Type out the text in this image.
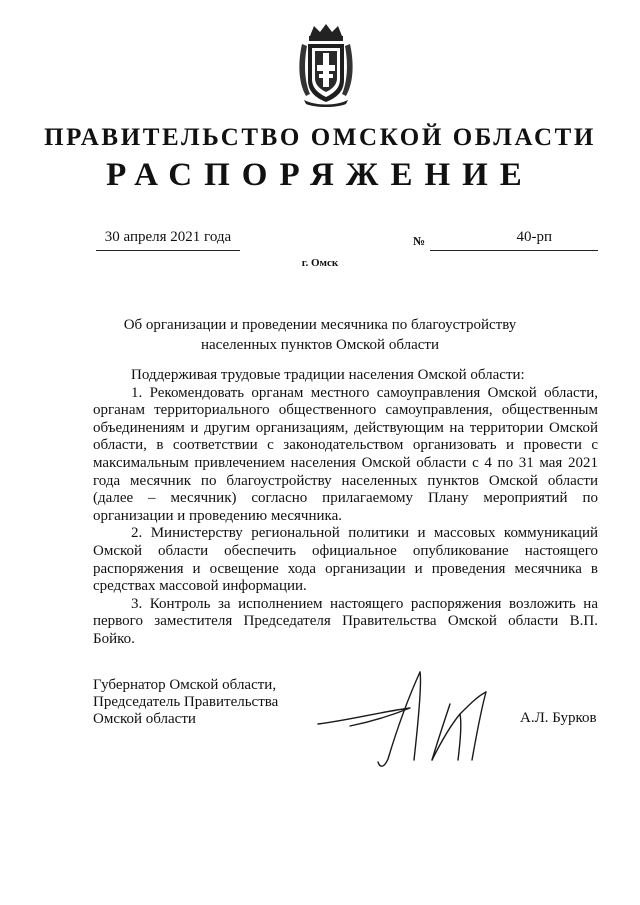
ПРАВИТЕЛЬСТВО ОМСКОЙ ОБЛАСТИ
РАСПОРЯЖЕНИЕ
30 апреля 2021 года	№	40-рп
г. Омск
Об организации и проведении месячника по благоустройству
населенных пунктов Омской области

Поддерживая трудовые традиции населения Омской области:

1. Рекомендовать органам местного самоуправления Омской области, органам территориального общественного самоуправления, общественным объединениям и другим организациям, действующим на территории Омской области, в соответствии с законодательством организовать и провести с максимальным привлечением населения Омской области с 4 по 31 мая 2021 года месячник по благоустройству населенных пунктов Омской области (далее – месячник) согласно прилагаемому Плану мероприятий по организации и проведению месячника.

2. Министерству региональной политики и массовых коммуникаций Омской области обеспечить официальное опубликование настоящего распоряжения и освещение хода организации и проведения месячника в средствах массовой информации.

3. Контроль за исполнением настоящего распоряжения возложить на первого заместителя Председателя Правительства Омской области В.П. Бойко.

Губернатор Омской области,
Председатель Правительства
Омской области	А.Л. Бурков
